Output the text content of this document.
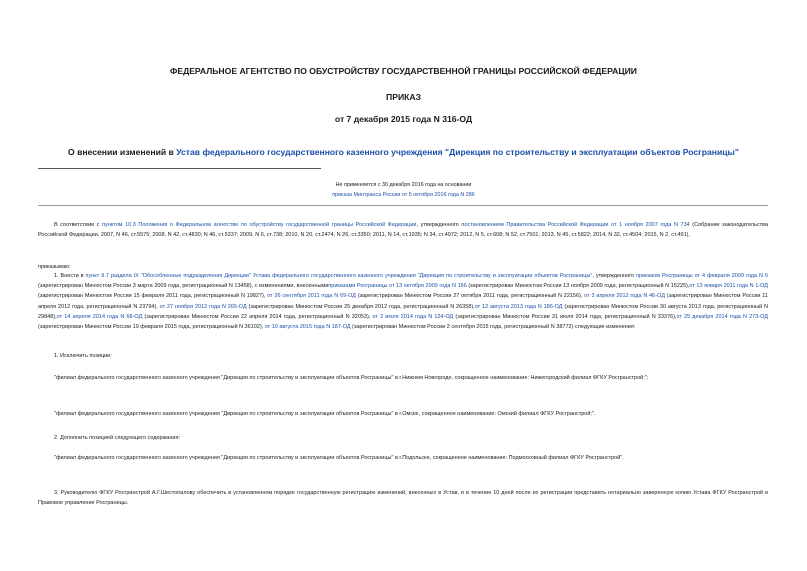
ФЕДЕРАЛЬНОЕ АГЕНТСТВО ПО ОБУСТРОЙСТВУ ГОСУДАРСТВЕННОЙ ГРАНИЦЫ РОССИЙСКОЙ ФЕДЕРАЦИИ
ПРИКАЗ
от 7 декабря 2015 года N 316-ОД
О внесении изменений в Устав федерального государственного казенного учреждения "Дирекция по строительству и эксплуатации объектов Росграницы"
Не применяется с 30 декабря 2016 года на основании
приказа Минтранса России от 5 октября 2016 года N 286
В соответствии с пунктом 10.3 Положения о Федеральном агентстве по обустройству государственной границы Российской Федерации, утвержденного постановлением Правительства Российской Федерации от 1 ноября 2007 года N 734 (Собрание законодательства Российской Федерации, 2007, N 46, ст.5575; 2008, N 42, ст.4830; N 46, ст.5337; 2009, N 6, ст.738; 2010, N 20, ст.2474; N 26, ст.3350; 2011, N 14, ст.1935; N 34, ст.4972; 2012, N 5, ст.608; N 52, ст.7501; 2013, N 45, ст.5822; 2014, N 32, ст.4504; 2015, N 2, ст.491),
приказываю:
1. Внести в пункт 9.7 раздела IX "Обособленные подразделения Дирекции" Устава федерального государственного казенного учреждения "Дирекция по строительству и эксплуатации объектов Росграницы", утвержденного приказом Росграницы от 4 февраля 2009 года N 6 (зарегистрирован Минюстом России 3 марта 2009 года, регистрационный N 13458), с изменениями, внесеннымиприказами Росграницы от 13 октября 2009 года N 156 (зарегистрирован Минюстом России 13 ноября 2009 года, регистрационный N 15225),от 13 января 2011 года N 1-ОД (зарегистрирован Минюстом России 15 февраля 2011 года, регистрационный N 19827), от 26 сентября 2011 года N 69-ОД (зарегистрирован Минюстом России 27 октября 2011 года, регистрационный N 22156), от 3 апреля 2012 года N 46-ОД (зарегистрирован Минюстом России 11 апреля 2012 года, регистрационный N 23794), от 27 ноября 2012 года N 265-ОД (зарегистрирован Минюстом России 25 декабря 2012 года, регистрационный N 26358),от 12 августа 2013 года N 186-ОД (зарегистрирован Минюстом России 30 августа 2013 года, регистрационный N 29848),от 14 апреля 2014 года N 68-ОД (зарегистрирован Минюстом России 22 апреля 2014 года, регистрационный N 32053), от 2 июля 2014 года N 124-ОД (зарегистрирован Минюстом России 31 июля 2014 года, регистрационный N 33376),от 25 декабря 2014 года N 273-ОД (зарегистрирован Минюстом России 19 февраля 2015 года, регистрационный N 36102), от 10 августа 2015 года N 187-ОД (зарегистрирован Минюстом России 2 сентября 2015 года, регистрационный N 38772) следующие изменения:
1. Исключить позиции:
"филиал федерального государственного казенного учреждения "Дирекция по строительству и эксплуатации объектов Росграницы" в г.Нижнем Новгороде, сокращенное наименование: Нижегородский филиал ФГКУ Росгранстрой;";
"филиал федерального государственного казенного учреждения "Дирекция по строительству и эксплуатации объектов Росграницы" в г.Омске, сокращенное наименование: Омский филиал ФГКУ Росгранстрой;".
2. Дополнить позицией следующего содержания:
"филиал федерального государственного казенного учреждения "Дирекция по строительству и эксплуатации объектов Росграницы" в г.Подольске, сокращенное наименование: Подмосковный филиал ФГКУ Росгранстрой".
3. Руководителю ФГКУ Росгранстрой А.Г.Шестопалову обеспечить в установленном порядке государственную регистрацию изменений, внесенных в Устав, и в течение 10 дней после их регистрации представить нотариально заверенную копию Устава ФГКУ Росгранстрой в Правовое управление Росграницы.
